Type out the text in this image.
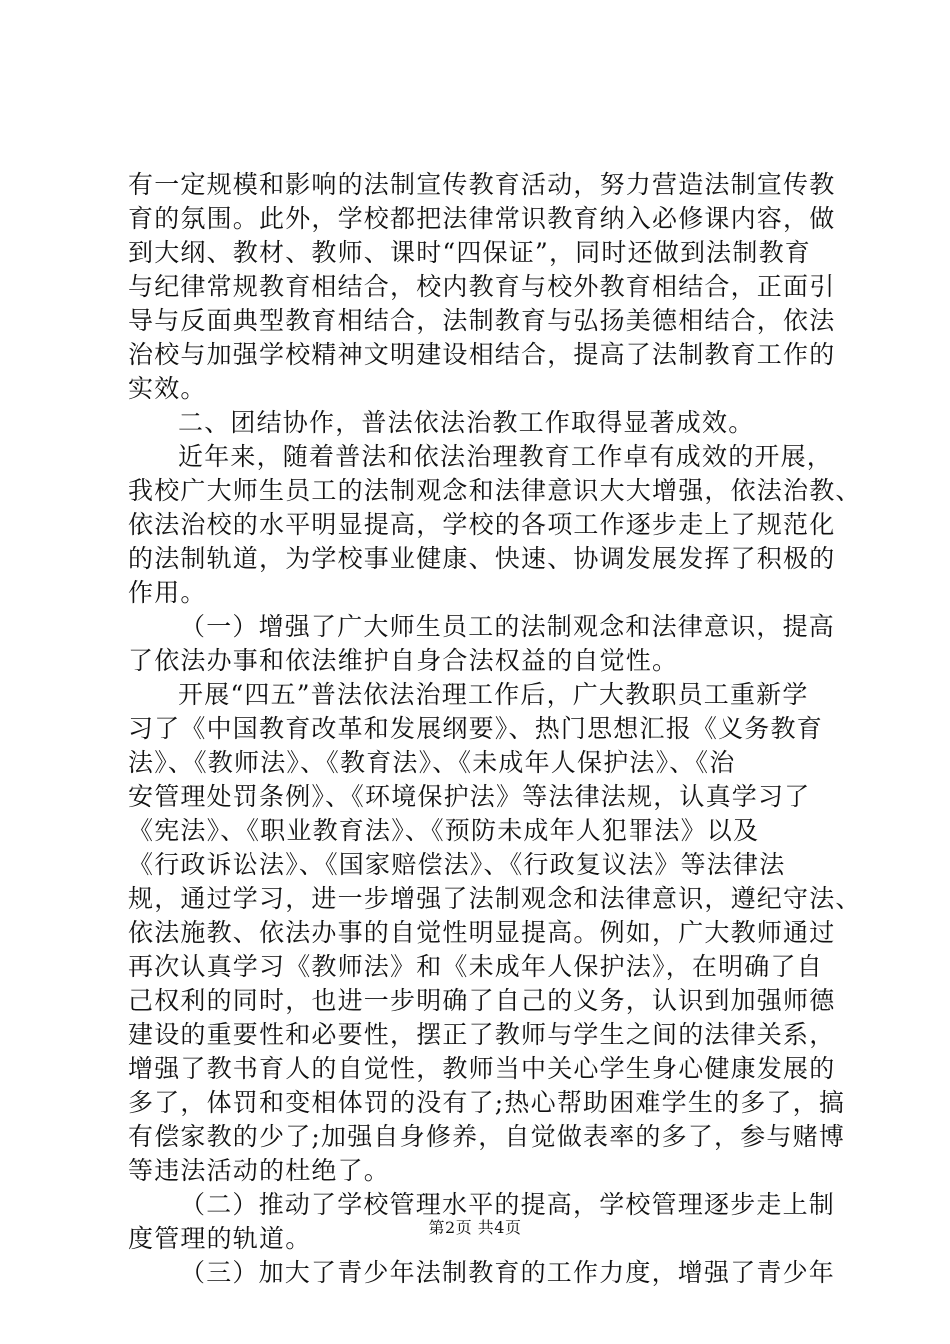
有一定规模和影响的法制宣传教育活动，努力营造法制宣传教
育的氛围。此外，学校都把法律常识教育纳入必修课内容，做
到大纲、教材、教师、课时“四保证”，同时还做到法制教育
与纪律常规教育相结合，校内教育与校外教育相结合，正面引
导与反面典型教育相结合，法制教育与弘扬美德相结合，依法
治校与加强学校精神文明建设相结合，提高了法制教育工作的
实效。
二、团结协作，普法依法治教工作取得显著成效。
近年来，随着普法和依法治理教育工作卓有成效的开展，
我校广大师生员工的法制观念和法律意识大大增强，依法治教、
依法治校的水平明显提高，学校的各项工作逐步走上了规范化
的法制轨道，为学校事业健康、快速、协调发展发挥了积极的
作用。
（一）增强了广大师生员工的法制观念和法律意识，提高
了依法办事和依法维护自身合法权益的自觉性。
开展“四五”普法依法治理工作后，广大教职员工重新学
习了《中国教育改革和发展纲要》、热门思想汇报《义务教育
法》、《教师法》、《教育法》、《未成年人保护法》、《治
安管理处罚条例》、《环境保护法》等法律法规，认真学习了
《宪法》、《职业教育法》、《预防未成年人犯罪法》以及
《行政诉讼法》、《国家赔偿法》、《行政复议法》等法律法
规，通过学习，进一步增强了法制观念和法律意识，遵纪守法、
依法施教、依法办事的自觉性明显提高。例如，广大教师通过
再次认真学习《教师法》和《未成年人保护法》，在明确了自
己权利的同时，也进一步明确了自己的义务，认识到加强师德
建设的重要性和必要性，摆正了教师与学生之间的法律关系，
增强了教书育人的自觉性，教师当中关心学生身心健康发展的
多了，体罚和变相体罚的没有了;热心帮助困难学生的多了，搞
有偿家教的少了;加强自身修养，自觉做表率的多了，参与赌博
等违法活动的杜绝了。
（二）推动了学校管理水平的提高，学校管理逐步走上制
度管理的轨道。
（三）加大了青少年法制教育的工作力度，增强了青少年
第2页 共4页
